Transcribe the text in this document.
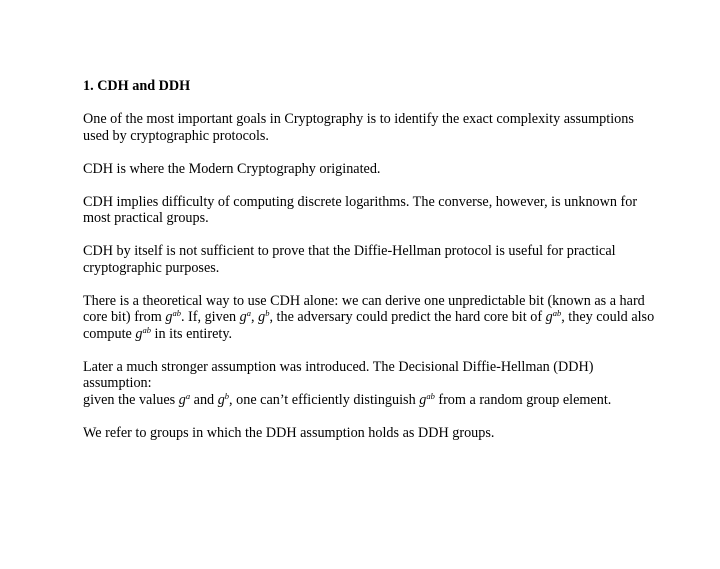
1. CDH and DDH
One of the most important goals in Cryptography is to identify the exact complexity assumptions
used by cryptographic protocols.
CDH is where the Modern Cryptography originated.
CDH implies difficulty of computing discrete logarithms. The converse, however, is unknown for
most practical groups.
CDH by itself is not sufficient to prove that the Diffie-Hellman protocol is useful for practical
cryptographic purposes.
There is a theoretical way to use CDH alone: we can derive one unpredictable bit (known as a hard
core bit) from $g^{ab}$. If, given $g^a$, $g^b$, the adversary could predict the hard core bit of $g^{ab}$, they could also
compute $g^{ab}$ in its entirety.
Later a much stronger assumption was introduced. The Decisional Diffie-Hellman (DDH)
assumption:
given the values $g^a$ and $g^b$, one can’t efficiently distinguish $g^{ab}$ from a random group element.
We refer to groups in which the DDH assumption holds as DDH groups.
